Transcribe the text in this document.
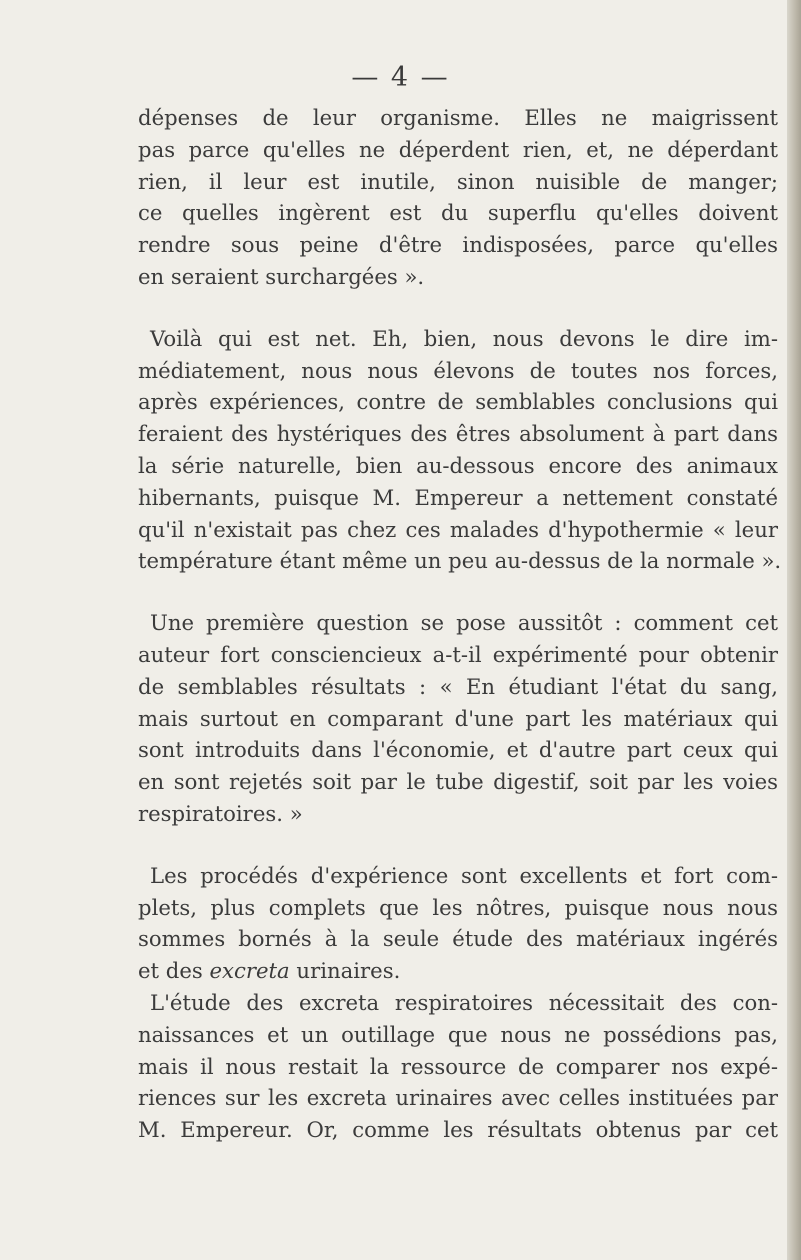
— 4 —

dépenses de leur organisme. Elles ne maigrissent
pas parce qu'elles ne déperdent rien, et, ne déperdant
rien, il leur est inutile, sinon nuisible de manger;
ce quelles ingèrent est du superflu qu'elles doivent
rendre sous peine d'être indisposées, parce qu'elles
en seraient surchargées ».

Voilà qui est net. Eh, bien, nous devons le dire im-
médiatement, nous nous élevons de toutes nos forces,
après expériences, contre de semblables conclusions qui
feraient des hystériques des êtres absolument à part dans
la série naturelle, bien au-dessous encore des animaux
hibernants, puisque M. Empereur a nettement constaté
qu'il n'existait pas chez ces malades d'hypothermie « leur
température étant même un peu au-dessus de la normale ».

Une première question se pose aussitôt : comment cet
auteur fort consciencieux a-t-il expérimenté pour obtenir
de semblables résultats : « En étudiant l'état du sang,
mais surtout en comparant d'une part les matériaux qui
sont introduits dans l'économie, et d'autre part ceux qui
en sont rejetés soit par le tube digestif, soit par les voies
respiratoires. »

Les procédés d'expérience sont excellents et fort com-
plets, plus complets que les nôtres, puisque nous nous
sommes bornés à la seule étude des matériaux ingérés
et des excreta urinaires.

L'étude des excreta respiratoires nécessitait des con-
naissances et un outillage que nous ne possédions pas,
mais il nous restait la ressource de comparer nos expé-
riences sur les excreta urinaires avec celles instituées par
M. Empereur. Or, comme les résultats obtenus par cet
